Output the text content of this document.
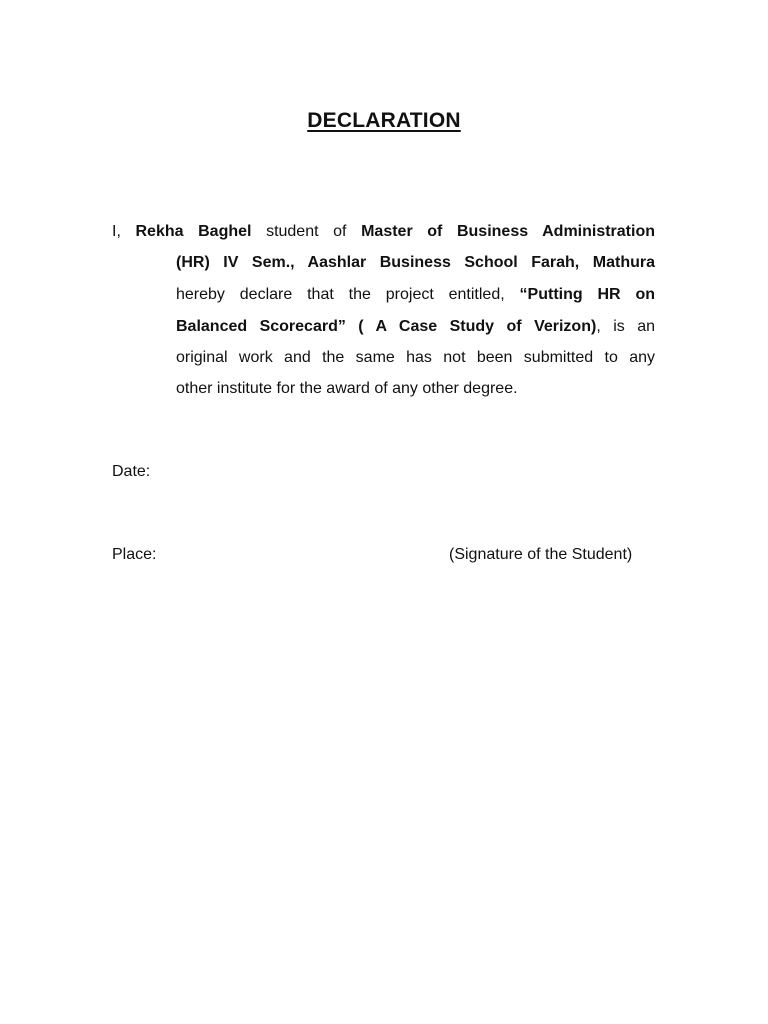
DECLARATION
I, Rekha Baghel student of Master of Business Administration
(HR) IV Sem., Aashlar Business School Farah, Mathura
hereby declare that the project entitled, “Putting HR on
Balanced Scorecard” ( A Case Study of Verizon), is an
original work and the same has not been submitted to any
other institute for the award of any other degree.
Date:
Place:	(Signature of the Student)
